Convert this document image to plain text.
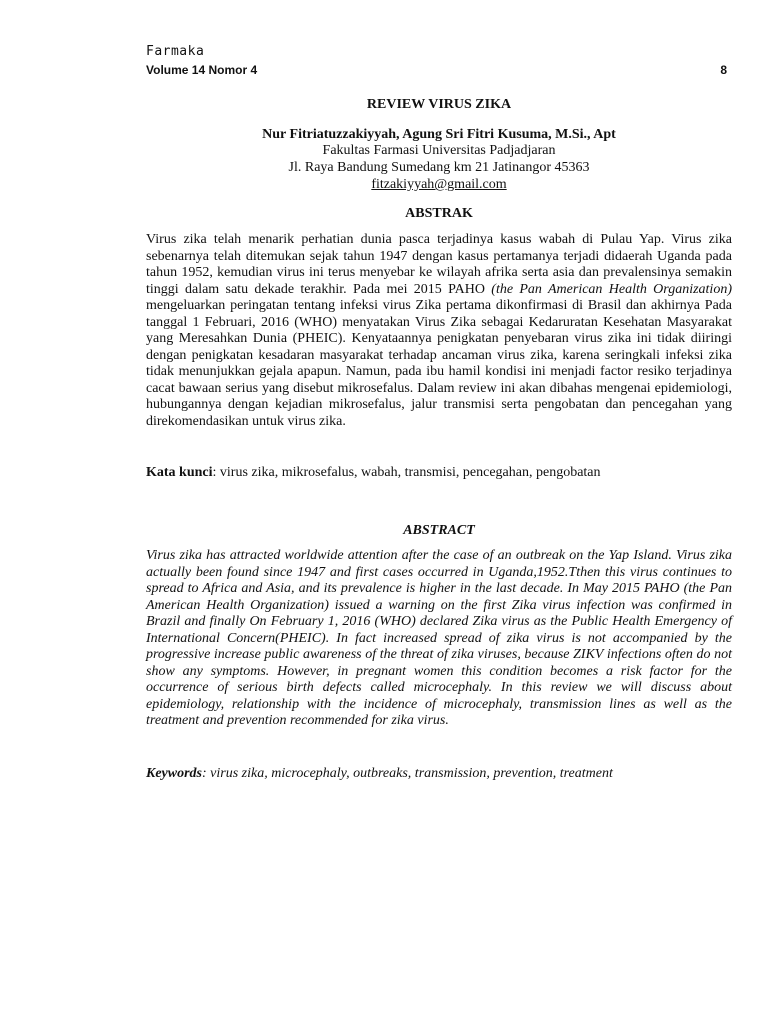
Farmaka
Volume 14 Nomor 4	8
REVIEW VIRUS ZIKA
Nur Fitriatuzzakiyyah, Agung Sri Fitri Kusuma, M.Si., Apt
Fakultas Farmasi Universitas Padjadjaran
Jl. Raya Bandung Sumedang km 21 Jatinangor 45363
fitzakiyyah@gmail.com
ABSTRAK

Virus zika telah menarik perhatian dunia pasca terjadinya kasus wabah di Pulau Yap. Virus zika sebenarnya telah ditemukan sejak tahun 1947 dengan kasus pertamanya terjadi didaerah Uganda pada tahun 1952, kemudian virus ini terus menyebar ke wilayah afrika serta asia dan prevalensinya semakin tinggi dalam satu dekade terakhir. Pada mei 2015 PAHO (the Pan American Health Organization) mengeluarkan peringatan tentang infeksi virus Zika pertama dikonfirmasi di Brasil dan akhirnya Pada tanggal 1 Februari, 2016 (WHO) menyatakan Virus Zika sebagai Kedaruratan Kesehatan Masyarakat yang Meresahkan Dunia (PHEIC). Kenyataannya penigkatan penyebaran virus zika ini tidak diiringi dengan penigkatan kesadaran masyarakat terhadap ancaman virus zika, karena seringkali infeksi zika tidak menunjukkan gejala apapun. Namun, pada ibu hamil kondisi ini menjadi factor resiko terjadinya cacat bawaan serius yang disebut mikrosefalus. Dalam review ini akan dibahas mengenai epidemiologi, hubungannya dengan kejadian mikrosefalus, jalur transmisi serta pengobatan dan pencegahan yang direkomendasikan untuk virus zika.

Kata kunci: virus zika, mikrosefalus, wabah, transmisi, pencegahan, pengobatan
ABSTRACT

Virus zika has attracted worldwide attention after the case of an outbreak on the Yap Island. Virus zika actually been found since 1947 and first cases occurred in Uganda,1952.Tthen this virus continues to spread to Africa and Asia, and its prevalence is higher in the last decade. In May 2015 PAHO (the Pan American Health Organization) issued a warning on the first Zika virus infection was confirmed in Brazil and finally On February 1, 2016 (WHO) declared Zika virus as the Public Health Emergency of International Concern(PHEIC). In fact increased spread of zika virus is not accompanied by the progressive increase public awareness of the threat of zika viruses, because ZIKV infections often do not show any symptoms. However, in pregnant women this condition becomes a risk factor for the occurrence of serious birth defects called microcephaly. In this review we will discuss about epidemiology, relationship with the incidence of microcephaly, transmission lines as well as the treatment and prevention recommended for zika virus.

Keywords: virus zika, microcephaly, outbreaks, transmission, prevention, treatment
